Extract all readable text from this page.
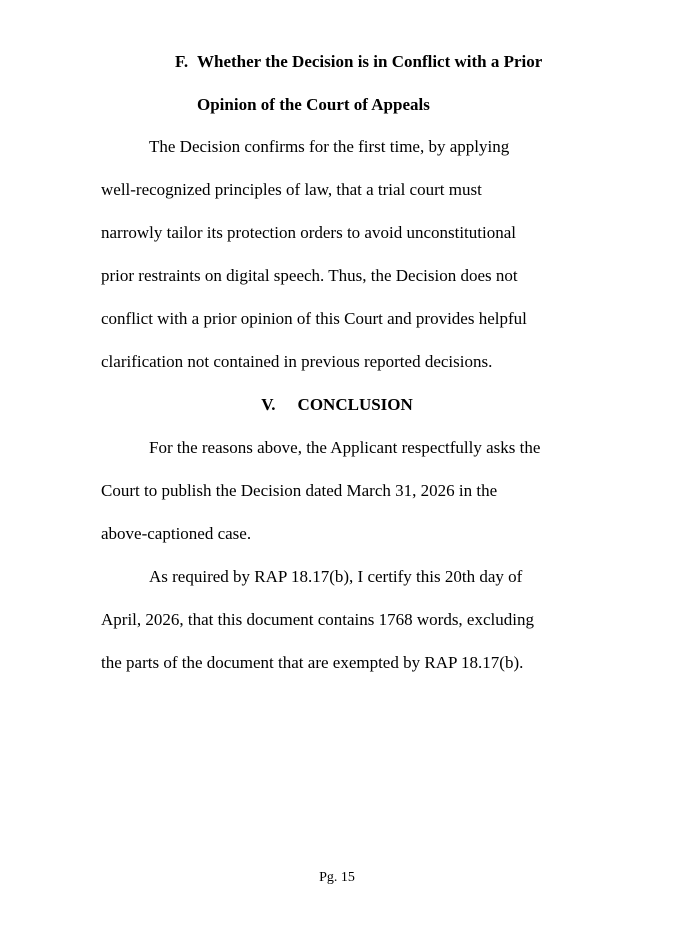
F. Whether the Decision is in Conflict with a Prior
Opinion of the Court of Appeals

The Decision confirms for the first time, by applying
well-recognized principles of law, that a trial court must
narrowly tailor its protection orders to avoid unconstitutional
prior restraints on digital speech. Thus, the Decision does not
conflict with a prior opinion of this Court and provides helpful
clarification not contained in previous reported decisions.

V. CONCLUSION

For the reasons above, the Applicant respectfully asks the
Court to publish the Decision dated March 31, 2026 in the
above-captioned case.

As required by RAP 18.17(b), I certify this 20th day of
April, 2026, that this document contains 1768 words, excluding
the parts of the document that are exempted by RAP 18.17(b).

Pg. 15
